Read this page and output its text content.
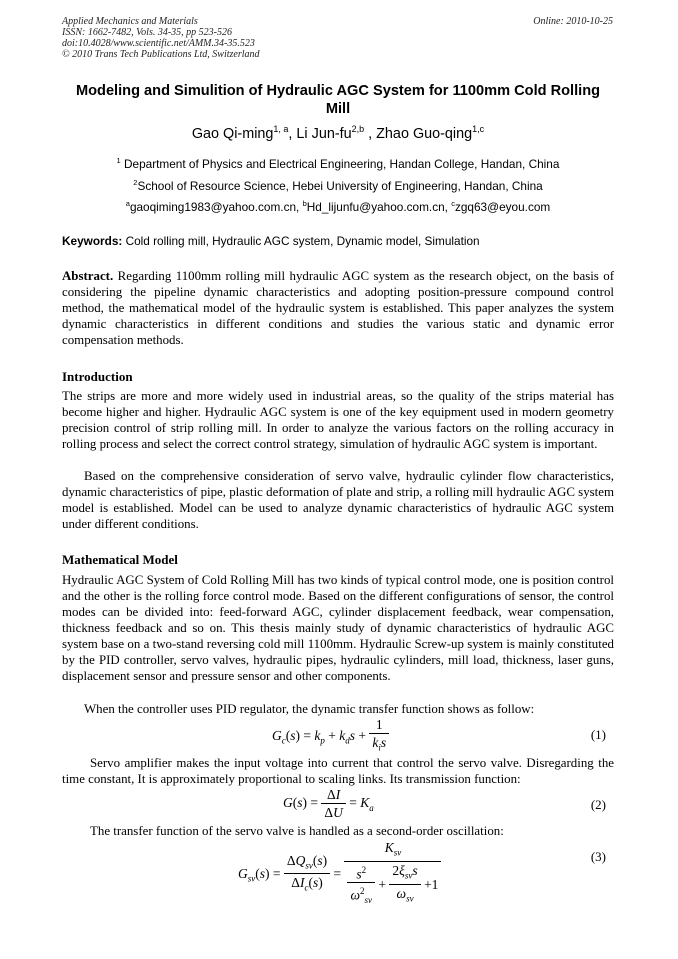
Applied Mechanics and Materials
ISSN: 1662-7482, Vols. 34-35, pp 523-526
doi:10.4028/www.scientific.net/AMM.34-35.523
© 2010 Trans Tech Publications Ltd, Switzerland
Online: 2010-10-25
Modeling and Simulition of Hydraulic AGC System for 1100mm Cold Rolling Mill
Gao Qi-ming$^{1, a}$, Li Jun-fu$^{2,b}$ , Zhao Guo-qing$^{1,c}$
$^1$ Department of Physics and Electrical Engineering, Handan College, Handan, China
$^2$School of Resource Science, Hebei University of Engineering, Handan, China
$^a$gaoqiming1983@yahoo.com.cn, $^b$Hd_lijunfu@yahoo.com.cn, $^c$zgq63@eyou.com
Keywords: Cold rolling mill, Hydraulic AGC system, Dynamic model, Simulation
Abstract. Regarding 1100mm rolling mill hydraulic AGC system as the research object, on the basis of considering the pipeline dynamic characteristics and adopting position-pressure compound control method, the mathematical model of the hydraulic system is established. This paper analyzes the system dynamic characteristics in different conditions and studies the various static and dynamic error compensation methods.
Introduction
The strips are more and more widely used in industrial areas, so the quality of the strips material has become higher and higher. Hydraulic AGC system is one of the key equipment used in modern geometry precision control of strip rolling mill. In order to analyze the various factors on the rolling accuracy in rolling process and select the correct control strategy, simulation of hydraulic AGC system is important.
Based on the comprehensive consideration of servo valve, hydraulic cylinder flow characteristics, dynamic characteristics of pipe, plastic deformation of plate and strip, a rolling mill hydraulic AGC system model is established. Model can be used to analyze dynamic characteristics of hydraulic AGC system under different conditions.
Mathematical Model
Hydraulic AGC System of Cold Rolling Mill has two kinds of typical control mode, one is position control and the other is the rolling force control mode. Based on the different configurations of sensor, the control modes can be divided into: feed-forward AGC, cylinder displacement feedback, wear compensation, thickness feedback and so on. This thesis mainly study of dynamic characteristics of hydraulic AGC system base on a two-stand reversing cold mill 1100mm. Hydraulic Screw-up system is mainly constituted by the PID controller, servo valves, hydraulic pipes, hydraulic cylinders, mill load, thickness, laser guns, displacement sensor and pressure sensor and other components.
When the controller uses PID regulator, the dynamic transfer function shows as follow:
$G_c(s) = k_p + k_ds + \frac{1}{k_is}$	(1)
Servo amplifier makes the input voltage into current that control the servo valve. Disregarding the time constant, It is approximately proportional to scaling links. Its transmission function:
$G(s) = \frac{\Delta I}{\Delta U} = K_a$	(2)
The transfer function of the servo valve is handled as a second-order oscillation:
$G_{sv}(s) = \frac{\Delta Q_{sv}(s)}{\Delta I_c(s)} = \frac{K_{sv}}{\frac{s^2}{\omega^2_{sv}} + \frac{2\xi_{sv}s}{\omega_{sv}} +1}$	(3)
